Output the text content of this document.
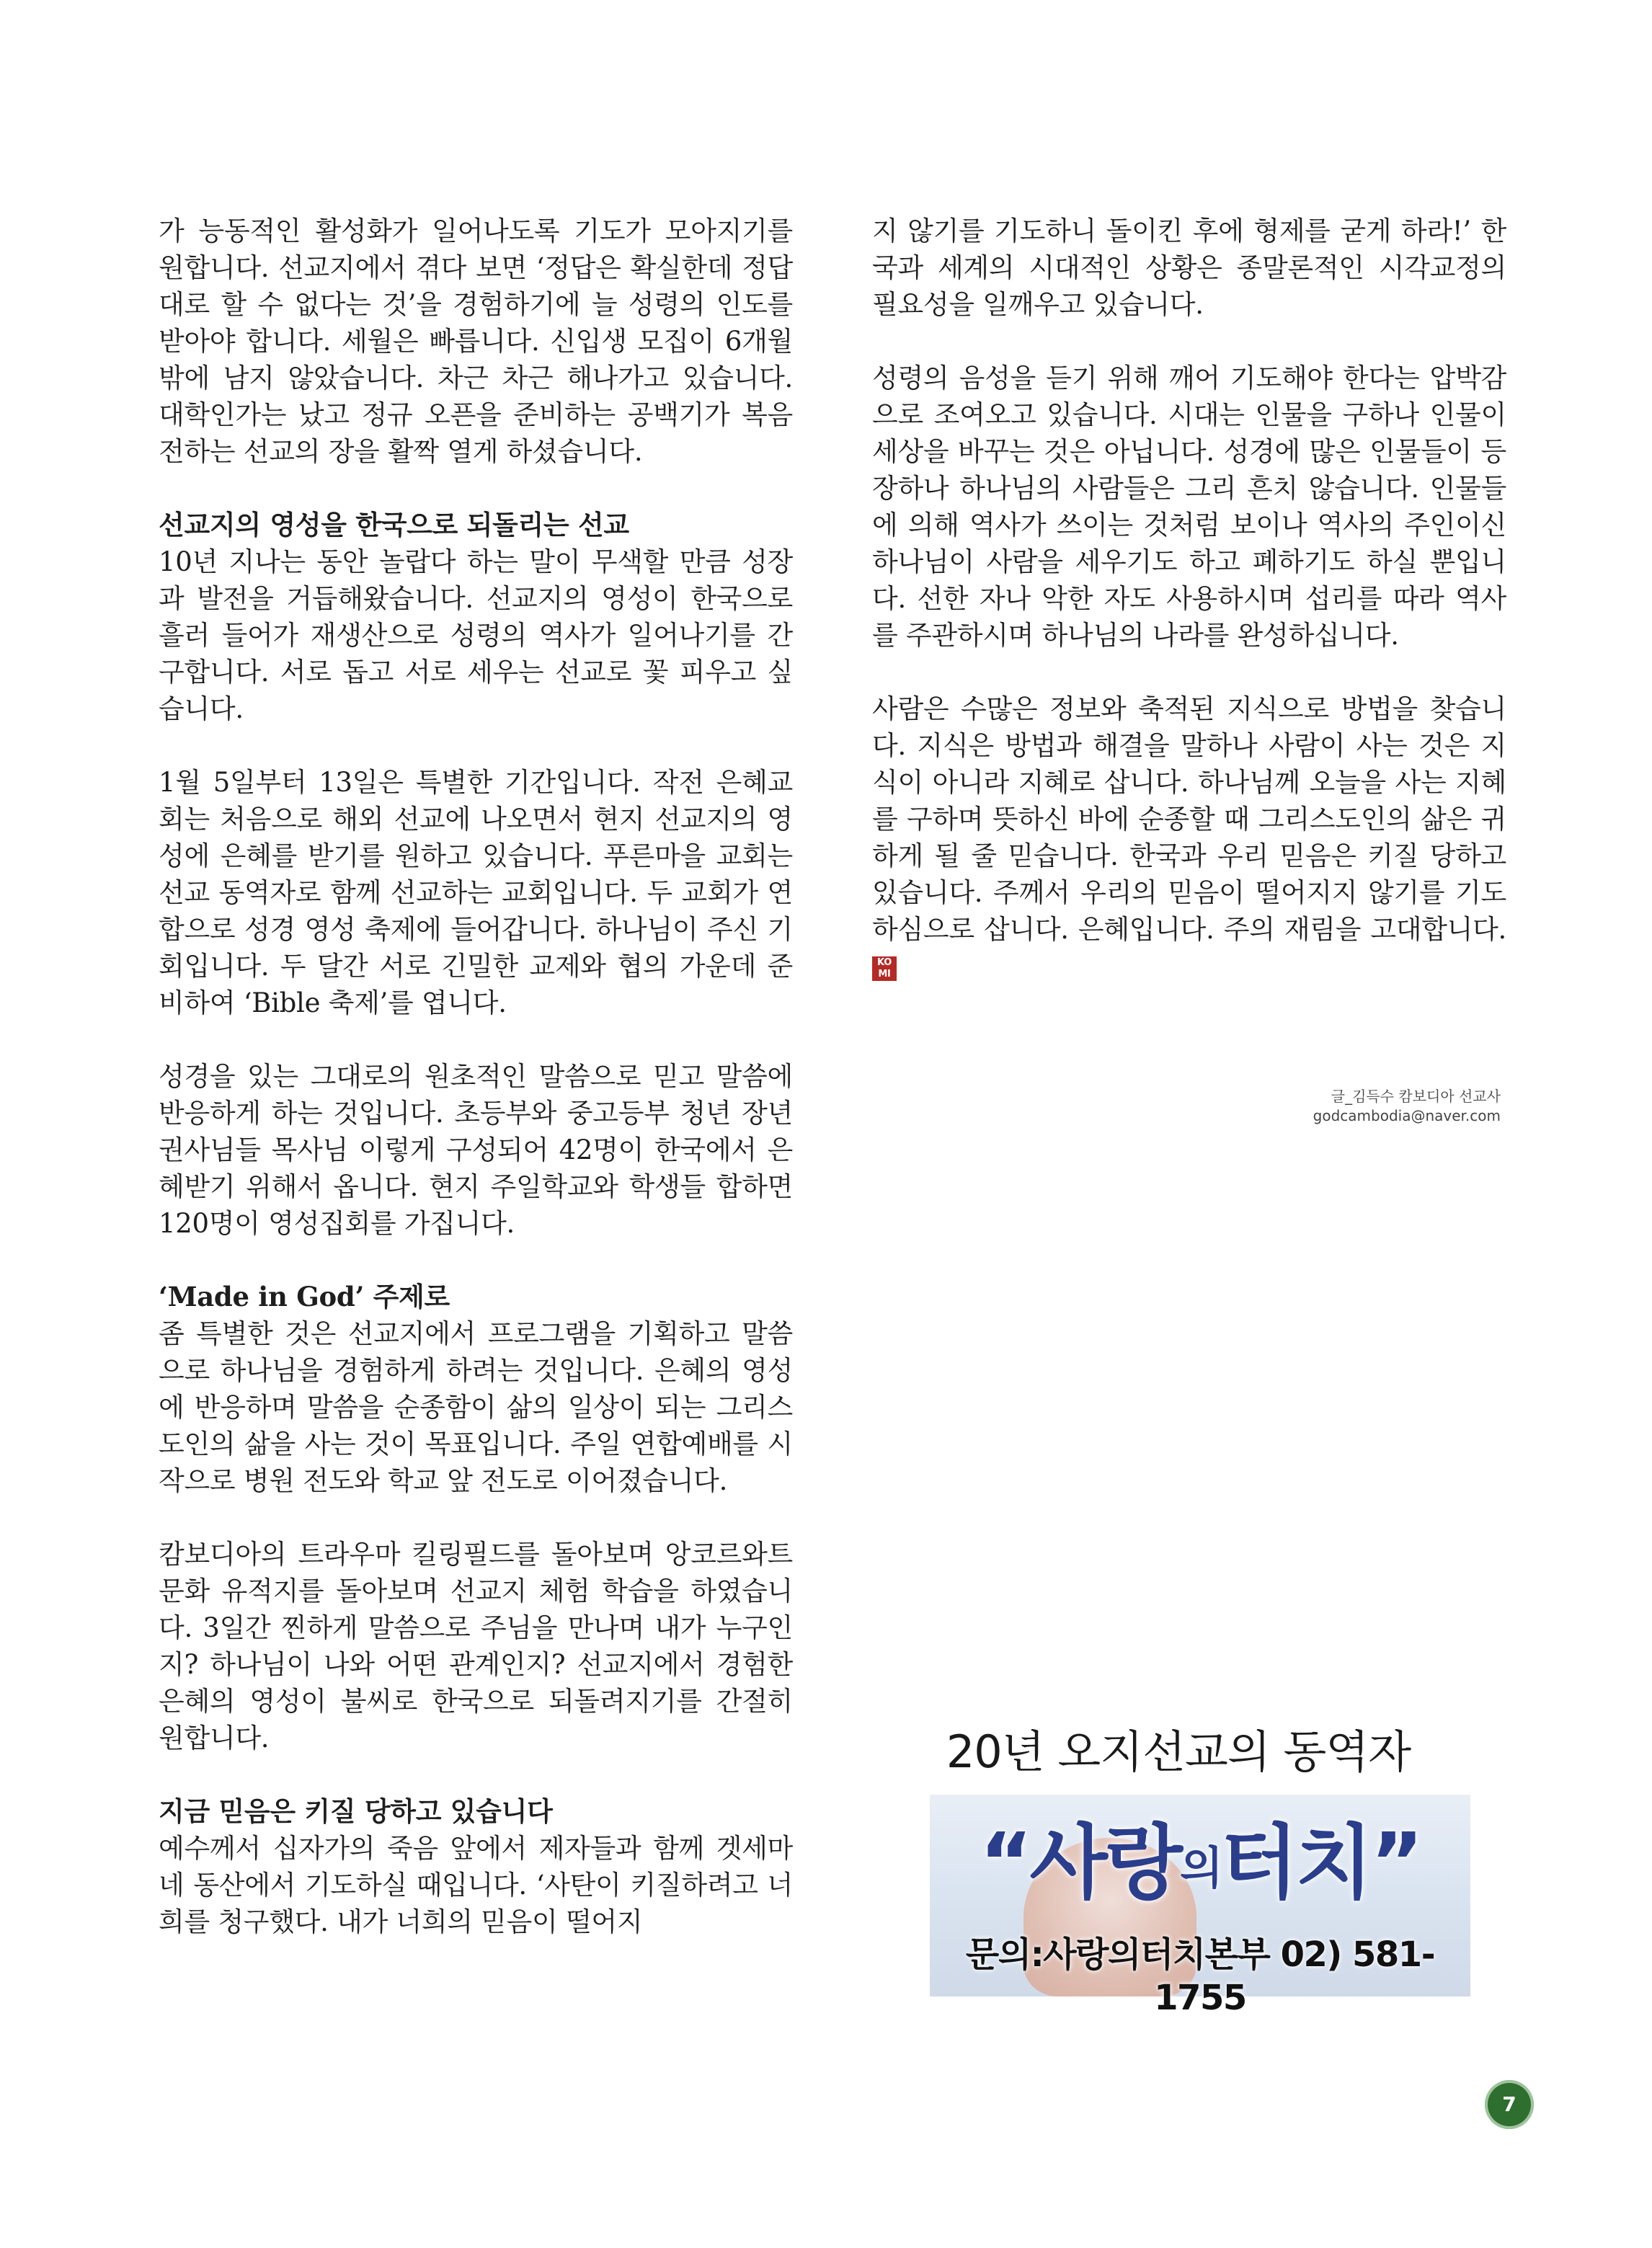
가 능동적인 활성화가 일어나도록 기도가 모아지기를 원합니다. 선교지에서 겪다 보면 ‘정답은 확실한데 정답대로 할 수 없다는 것’을 경험하기에 늘 성령의 인도를 받아야 합니다. 세월은 빠릅니다. 신입생 모집이 6개월 밖에 남지 않았습니다. 차근 차근 해나가고 있습니다. 대학인가는 났고 정규 오픈을 준비하는 공백기가 복음 전하는 선교의 장을 활짝 열게 하셨습니다.

선교지의 영성을 한국으로 되돌리는 선교

10년 지나는 동안 놀랍다 하는 말이 무색할 만큼 성장과 발전을 거듭해왔습니다. 선교지의 영성이 한국으로 흘러 들어가 재생산으로 성령의 역사가 일어나기를 간구합니다. 서로 돕고 서로 세우는 선교로 꽃 피우고 싶습니다.

1월 5일부터 13일은 특별한 기간입니다. 작전 은혜교회는 처음으로 해외 선교에 나오면서 현지 선교지의 영성에 은혜를 받기를 원하고 있습니다. 푸른마을 교회는 선교 동역자로 함께 선교하는 교회입니다. 두 교회가 연합으로 성경 영성 축제에 들어갑니다. 하나님이 주신 기회입니다. 두 달간 서로 긴밀한 교제와 협의 가운데 준비하여 ‘Bible 축제’를 엽니다.

성경을 있는 그대로의 원초적인 말씀으로 믿고 말씀에 반응하게 하는 것입니다. 초등부와 중고등부 청년 장년 권사님들 목사님 이렇게 구성되어 42명이 한국에서 은혜받기 위해서 옵니다. 현지 주일학교와 학생들 합하면 120명이 영성집회를 가집니다.

‘Made in God’ 주제로

좀 특별한 것은 선교지에서 프로그램을 기획하고 말씀으로 하나님을 경험하게 하려는 것입니다. 은혜의 영성에 반응하며 말씀을 순종함이 삶의 일상이 되는 그리스도인의 삶을 사는 것이 목표입니다. 주일 연합예배를 시작으로 병원 전도와 학교 앞 전도로 이어졌습니다.

캄보디아의 트라우마 킬링필드를 돌아보며 앙코르와트 문화 유적지를 돌아보며 선교지 체험 학습을 하였습니다. 3일간 찐하게 말씀으로 주님을 만나며 내가 누구인지? 하나님이 나와 어떤 관계인지? 선교지에서 경험한 은혜의 영성이 불씨로 한국으로 되돌려지기를 간절히 원합니다.

지금 믿음은 키질 당하고 있습니다

예수께서 십자가의 죽음 앞에서 제자들과 함께 겟세마네 동산에서 기도하실 때입니다. ‘사탄이 키질하려고 너희를 청구했다. 내가 너희의 믿음이 떨어지

지 않기를 기도하니 돌이킨 후에 형제를 굳게 하라!’ 한국과 세계의 시대적인 상황은 종말론적인 시각교정의 필요성을 일깨우고 있습니다.

성령의 음성을 듣기 위해 깨어 기도해야 한다는 압박감으로 조여오고 있습니다. 시대는 인물을 구하나 인물이 세상을 바꾸는 것은 아닙니다. 성경에 많은 인물들이 등장하나 하나님의 사람들은 그리 흔치 않습니다. 인물들에 의해 역사가 쓰이는 것처럼 보이나 역사의 주인이신 하나님이 사람을 세우기도 하고 폐하기도 하실 뿐입니다. 선한 자나 악한 자도 사용하시며 섭리를 따라 역사를 주관하시며 하나님의 나라를 완성하십니다.

사람은 수많은 정보와 축적된 지식으로 방법을 찾습니다. 지식은 방법과 해결을 말하나 사람이 사는 것은 지식이 아니라 지혜로 삽니다. 하나님께 오늘을 사는 지혜를 구하며 뜻하신 바에 순종할 때 그리스도인의 삶은 귀하게 될 줄 믿습니다. 한국과 우리 믿음은 키질 당하고 있습니다. 주께서 우리의 믿음이 떨어지지 않기를 기도하심으로 삽니다. 은혜입니다. 주의 재림을 고대합니다.
KOMI

글_김득수 캄보디아 선교사
godcambodia@naver.com
20년 오지선교의 동역자
“사랑의터치”
문의:사랑의터치본부 02) 581-1755
7
